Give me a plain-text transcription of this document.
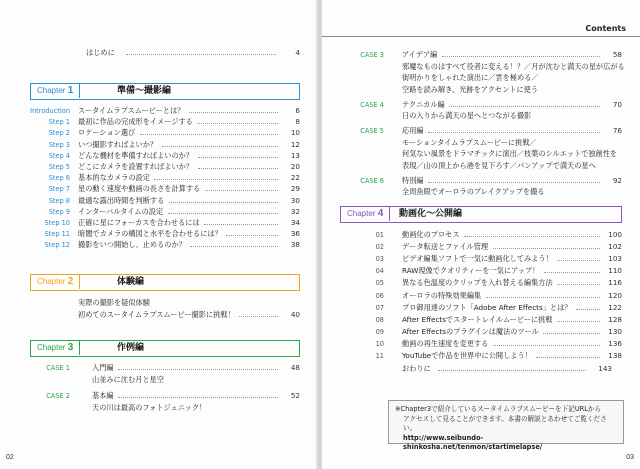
はじめに	4
Chapter 1	準備～撮影編
Introduction スータイムラプスムービーとは？	6
Step 1 最初に作品の完成形をイメージする	8
Step 2 ロケーション選び	10
Step 3 いつ撮影すればよいか？	12
Step 4 どんな機材を準備すればよいのか？	13
Step 5 どこにカメラを設置すればよいか？	20
Step 6 基本的なカメラの設定	22
Step 7 星の動く速度や動画の長さを計算する	29
Step 8 最適な露出時間を判断する	30
Step 9 インターバルタイムの設定	32
Step 10 正確に星にフォーカスを合わせるには	34
Step 11 暗闇でカメラの構図と水平を合わせるには？	36
Step 12 撮影をいつ開始し、止めるのか？	38
Chapter 2	体験編
実際の撮影を疑似体験
初めてのスータイムラプスムービー撮影に挑戦！	40
Chapter 3	作例編
CASE 1	入門編	48
山並みに沈む月と星空
CASE 2	基本編	52
天の川は最高のフォトジェニック！
02
Contents
CASE 3	アイデア編	58
邪魔なものはすべて役者に変える！？／月が沈むと満天の星が広がる
街明かりをしゃれた演出に／雲を極める／
空路を読み解き、光跡をアクセントに使う
CASE 4	テクニカル編	70
日の入りから満天の星へとつながる撮影
CASE 5	応用編	76
モーションタイムラプスムービーに挑戦／
何気ない風景をドラマチックに演出／枝葉のシルエットで独創性を
表現／山の頂上から港を見下ろす／パンアップで満天の星へ
CASE 6	特別編	92
全周魚眼でオーロラのブレイクアップを撮る
Chapter 4	動画化～公開編
01	動画化のプロセス	100
02	データ転送とファイル管理	102
03	ビデオ編集ソフトで一気に動画化してみよう！	103
04	RAW現像でクオリティーを一気にアップ！	110
05	異なる色温度のクリップを入れ替える編集方法	116
06	オーロラの特殊効果編集	120
07	プロ御用達のソフト「Adobe After Effects」とは？	122
08	After Effectsでスタートレイルムービーに挑戦	128
09	After Effectsのプラグインは魔法のツール	130
10	動画の再生速度を変更する	136
11	YouTubeで作品を世界中に公開しよう！	138
おわりに	143
※Chapter3で紹介しているスータイムラプスムービーを下記URLから
アクセスして見ることができます。本書の解説とあわせてご覧ください。
http://www.seibundo-shinkosha.net/tenmon/startimelapse/
03
